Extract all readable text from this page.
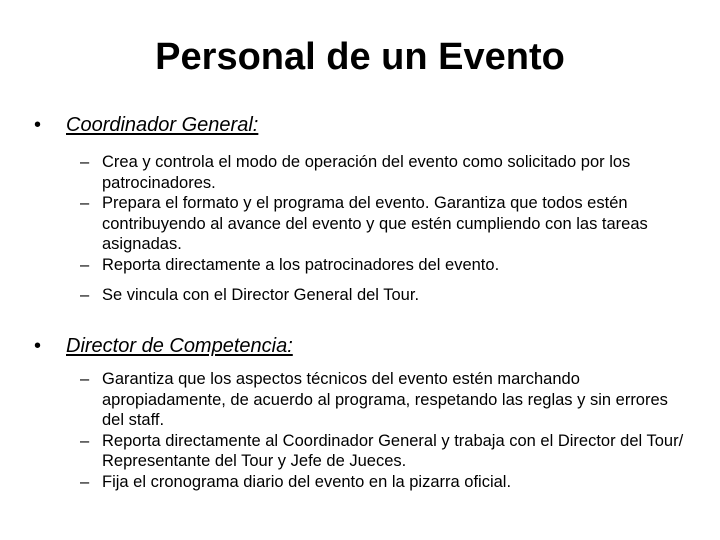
Personal de un Evento
• Coordinador General:
– Crea y controla el modo de operación del evento como solicitado por los patrocinadores.
– Prepara el formato y el programa del evento. Garantiza que todos estén contribuyendo al avance del evento y que estén cumpliendo con las tareas asignadas.
– Reporta directamente a los patrocinadores del evento.
– Se vincula con el Director General del Tour.
• Director de Competencia:
– Garantiza que los aspectos técnicos del evento estén marchando apropiadamente, de acuerdo al programa, respetando las reglas y sin errores del staff.
– Reporta directamente al Coordinador General y trabaja con el Director del Tour/ Representante del Tour y Jefe de Jueces.
– Fija el cronograma diario del evento en la pizarra oficial.
